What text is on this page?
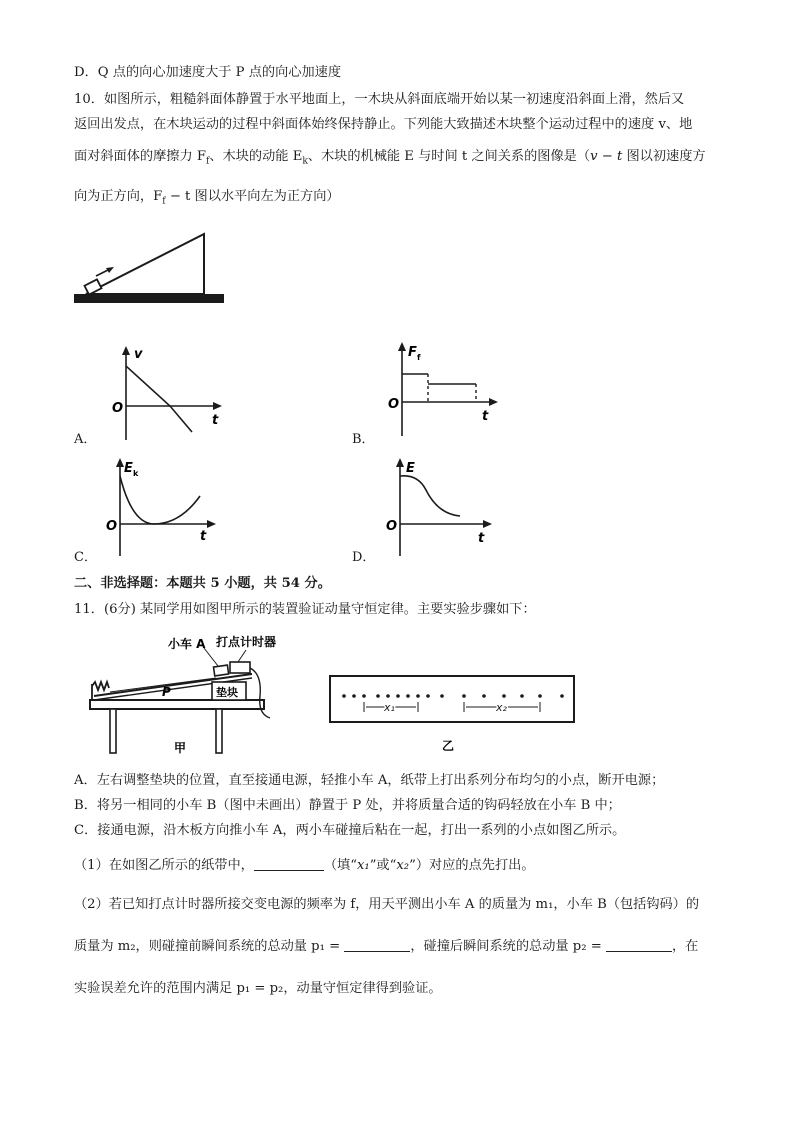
D．Q 点的向心加速度大于 P 点的向心加速度
10．如图所示，粗糙斜面体静置于水平地面上，一木块从斜面底端开始以某一初速度沿斜面上滑，然后又
返回出发点，在木块运动的过程中斜面体始终保持静止。下列能大致描述木块整个运动过程中的速度 v、地
面对斜面体的摩擦力 $F_f$、木块的动能 $E_k$、木块的机械能 E 与时间 t 之间关系的图像是（v − t 图以初速度方
向为正方向，$F_f - t$ 图以水平向左为正方向）
A．
v
O
t
B．
F f
O
t
C．
E k
O
t
D．
E
O
t
二、非选择题：本题共 5 小题，共 54 分。
11．(6分) 某同学用如图甲所示的装置验证动量守恒定律。主要实验步骤如下：
垫块
小车 A 打点计时器
P
甲
x₁	x₂
乙
A．左右调整垫块的位置，直至接通电源，轻推小车 A，纸带上打出系列分布均匀的小点，断开电源；
B．将另一相同的小车 B（图中未画出）静置于 P 处，并将质量合适的钩码轻放在小车 B 中；
C．接通电源，沿木板方向推小车 A，两小车碰撞后粘在一起，打出一系列的小点如图乙所示。
（1）在如图乙所示的纸带中，	（填“x₁”或“x₂”）对应的点先打出。
（2）若已知打点计时器所接交变电源的频率为 f，用天平测出小车 A 的质量为 m₁，小车 B（包括钩码）的
质量为 m₂，则碰撞前瞬间系统的总动量 p₁ =	，碰撞后瞬间系统的总动量 p₂ =	，在
实验误差允许的范围内满足 p₁ = p₂，动量守恒定律得到验证。
